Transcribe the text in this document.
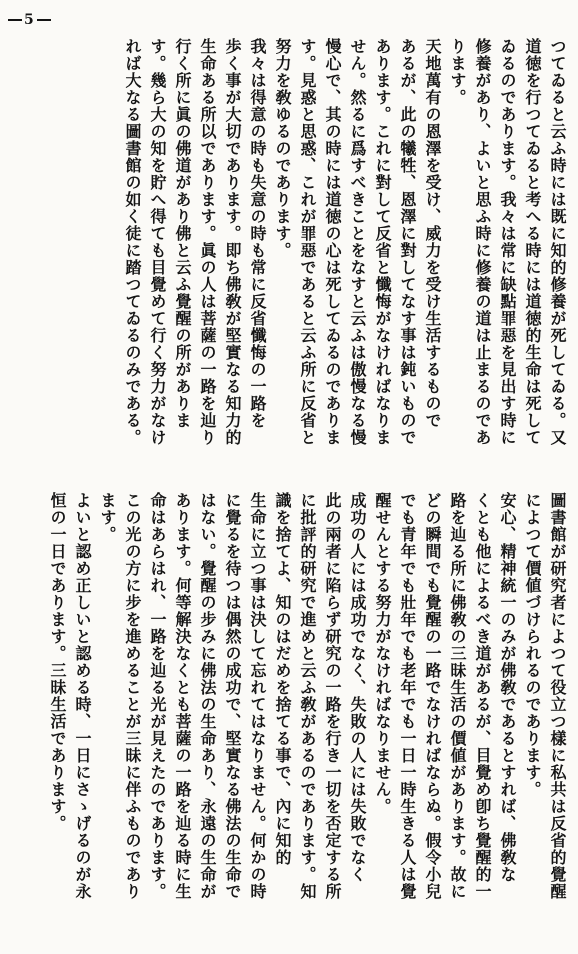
5
つてゐると云ふ時には既に知的修養が死してゐる。又
道徳を行つてゐると考へる時には道徳的生命は死して
ゐるのであります。我々は常に缺點罪惡を見出す時に
修養があり、よいと思ふ時に修養の道は止まるのであ
ります。
天地萬有の恩澤を受け、威力を受け生活するもので
あるが、此の犧牲、恩澤に對してなす事は鈍いもので
あります。これに對して反省と懺悔がなければなりま
せん。然るに爲すべきことをなすと云ふは傲慢なる慢
慢心で、其の時には道徳の心は死してゐるのでありま
す。見惑と思惑、これが罪惡であると云ふ所に反省と
努力を敎ゆるのであります。
我々は得意の時も失意の時も常に反省懺悔の一路を
歩く事が大切であります。即ち佛敎が堅實なる知力的
生命ある所以であります。眞の人は菩薩の一路を辿り
行く所に眞の佛道があり佛と云ふ覺醒の所がありま
す。幾ら大の知を貯へ得ても目覺めて行く努力がなけ
れば大なる圖書館の如く徒に踏つてゐるのみである。
圖書館が研究者によつて役立つ樣に私共は反省的覺醒
によつて價値づけられるのであります。
安心、精神統一のみが佛敎であるとすれば、佛敎な
くとも他によるべき道があるが、目覺め卽ち覺醒的一
路を辿る所に佛敎の三昧生活の價値があります。故に
どの瞬間でも覺醒の一路でなければならぬ。假令小兒
でも青年でも壯年でも老年でも一日一時生きる人は覺
醒せんとする努力がなければなりません。
成功の人には成功でなく、失敗の人には失敗でなく
此の兩者に陷らず研究の一路を行き一切を否定する所
に批評的研究で進めと云ふ敎があるのであります。知
識を捨てよ、知のはだめを捨てる事で、內に知的
生命に立つ事は決して忘れてはなりません。何かの時
に覺るを待つは偶然の成功で、堅實なる佛法の生命で
はない。覺醒の步みに佛法の生命あり、永遠の生命が
あります。何等解決なくとも菩薩の一路を辿る時に生
命はあらはれ、一路を辿る光が見えたのであります。
この光の方に步を進めることが三昧に伴ふものであり
ます。
よいと認め正しいと認める時、一日にさゝげるのが永
恒の一日であります。三昧生活であります。
